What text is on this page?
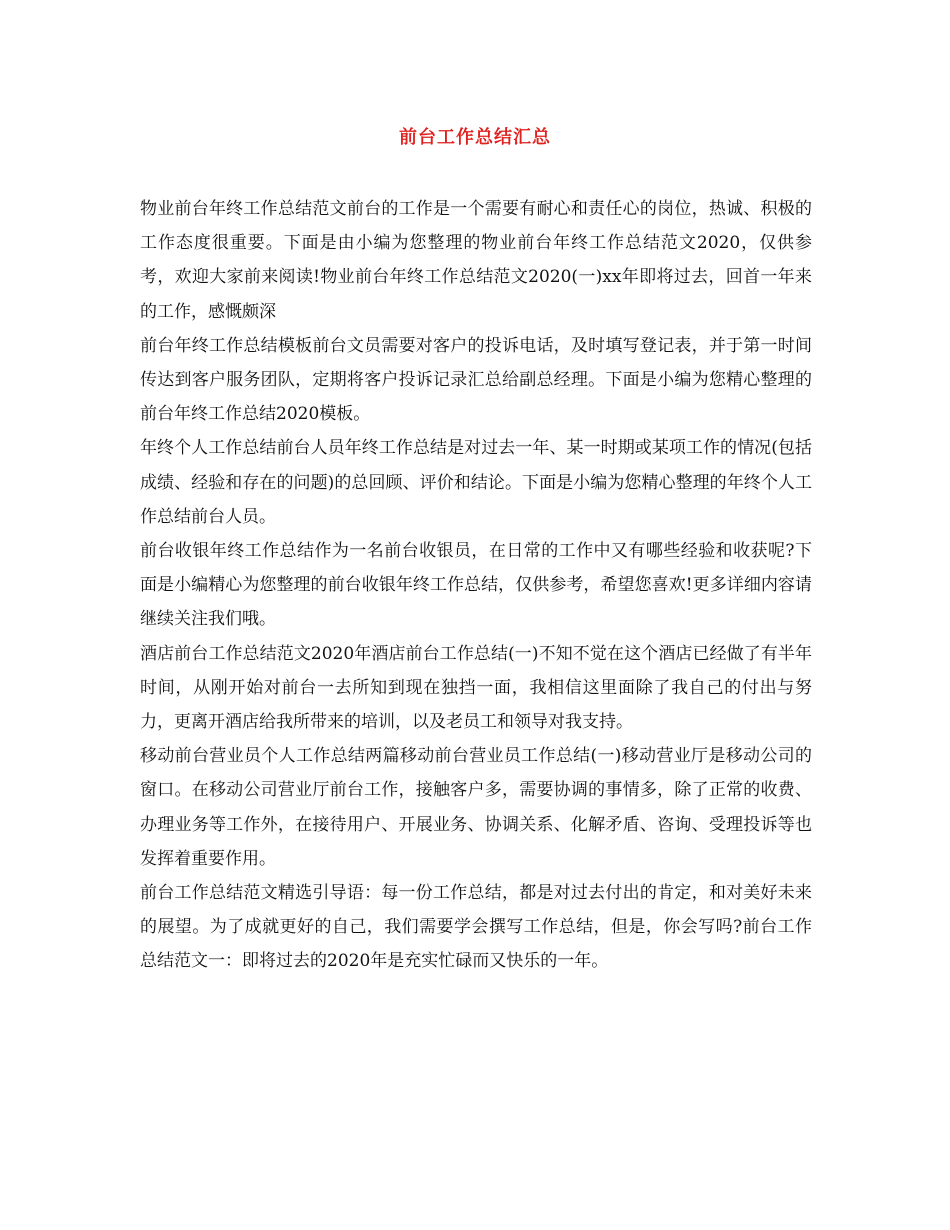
前台工作总结汇总

物业前台年终工作总结范文前台的工作是一个需要有耐心和责任心的岗位，热诚、积极的工作态度很重要。下面是由小编为您整理的物业前台年终工作总结范文2020，仅供参考，欢迎大家前来阅读!物业前台年终工作总结范文2020(一)xx年即将过去，回首一年来的工作，感慨颇深

前台年终工作总结模板前台文员需要对客户的投诉电话，及时填写登记表，并于第一时间传达到客户服务团队，定期将客户投诉记录汇总给副总经理。下面是小编为您精心整理的前台年终工作总结2020模板。

年终个人工作总结前台人员年终工作总结是对过去一年、某一时期或某项工作的情况(包括成绩、经验和存在的问题)的总回顾、评价和结论。下面是小编为您精心整理的年终个人工作总结前台人员。

前台收银年终工作总结作为一名前台收银员，在日常的工作中又有哪些经验和收获呢?下面是小编精心为您整理的前台收银年终工作总结，仅供参考，希望您喜欢!更多详细内容请继续关注我们哦。

酒店前台工作总结范文2020年酒店前台工作总结(一)不知不觉在这个酒店已经做了有半年时间，从刚开始对前台一去所知到现在独挡一面，我相信这里面除了我自己的付出与努力，更离开酒店给我所带来的培训，以及老员工和领导对我支持。

移动前台营业员个人工作总结两篇移动前台营业员工作总结(一)移动营业厅是移动公司的窗口。在移动公司营业厅前台工作，接触客户多，需要协调的事情多，除了正常的收费、办理业务等工作外，在接待用户、开展业务、协调关系、化解矛盾、咨询、受理投诉等也发挥着重要作用。

前台工作总结范文精选引导语：每一份工作总结，都是对过去付出的肯定，和对美好未来的展望。为了成就更好的自己，我们需要学会撰写工作总结，但是，你会写吗?前台工作总结范文一：即将过去的2020年是充实忙碌而又快乐的一年。
